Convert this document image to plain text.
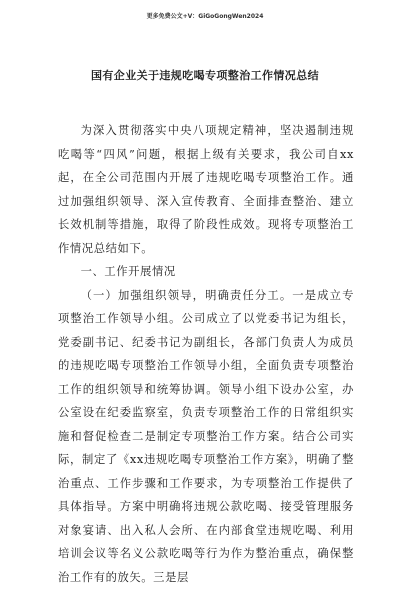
更多免费公文+V：GiGoGongWen2024
国有企业关于违规吃喝专项整治工作情况总结

为深入贯彻落实中央八项规定精神，坚决遏制违规吃喝等“四风”问题，根据上级有关要求，我公司自xx起，在全公司范围内开展了违规吃喝专项整治工作。通过加强组织领导、深入宣传教育、全面排查整治、建立长效机制等措施，取得了阶段性成效。现将专项整治工作情况总结如下。

一、工作开展情况

（一）加强组织领导，明确责任分工。一是成立专项整治工作领导小组。公司成立了以党委书记为组长，党委副书记、纪委书记为副组长，各部门负责人为成员的违规吃喝专项整治工作领导小组，全面负责专项整治工作的组织领导和统筹协调。领导小组下设办公室，办公室设在纪委监察室，负责专项整治工作的日常组织实施和督促检查二是制定专项整治工作方案。结合公司实际，制定了《xx违规吃喝专项整治工作方案》，明确了整治重点、工作步骤和工作要求，为专项整治工作提供了具体指导。方案中明确将违规公款吃喝、接受管理服务对象宴请、出入私人会所、在内部食堂违规吃喝、利用培训会议等名义公款吃喝等行为作为整治重点，确保整治工作有的放矢。三是层
